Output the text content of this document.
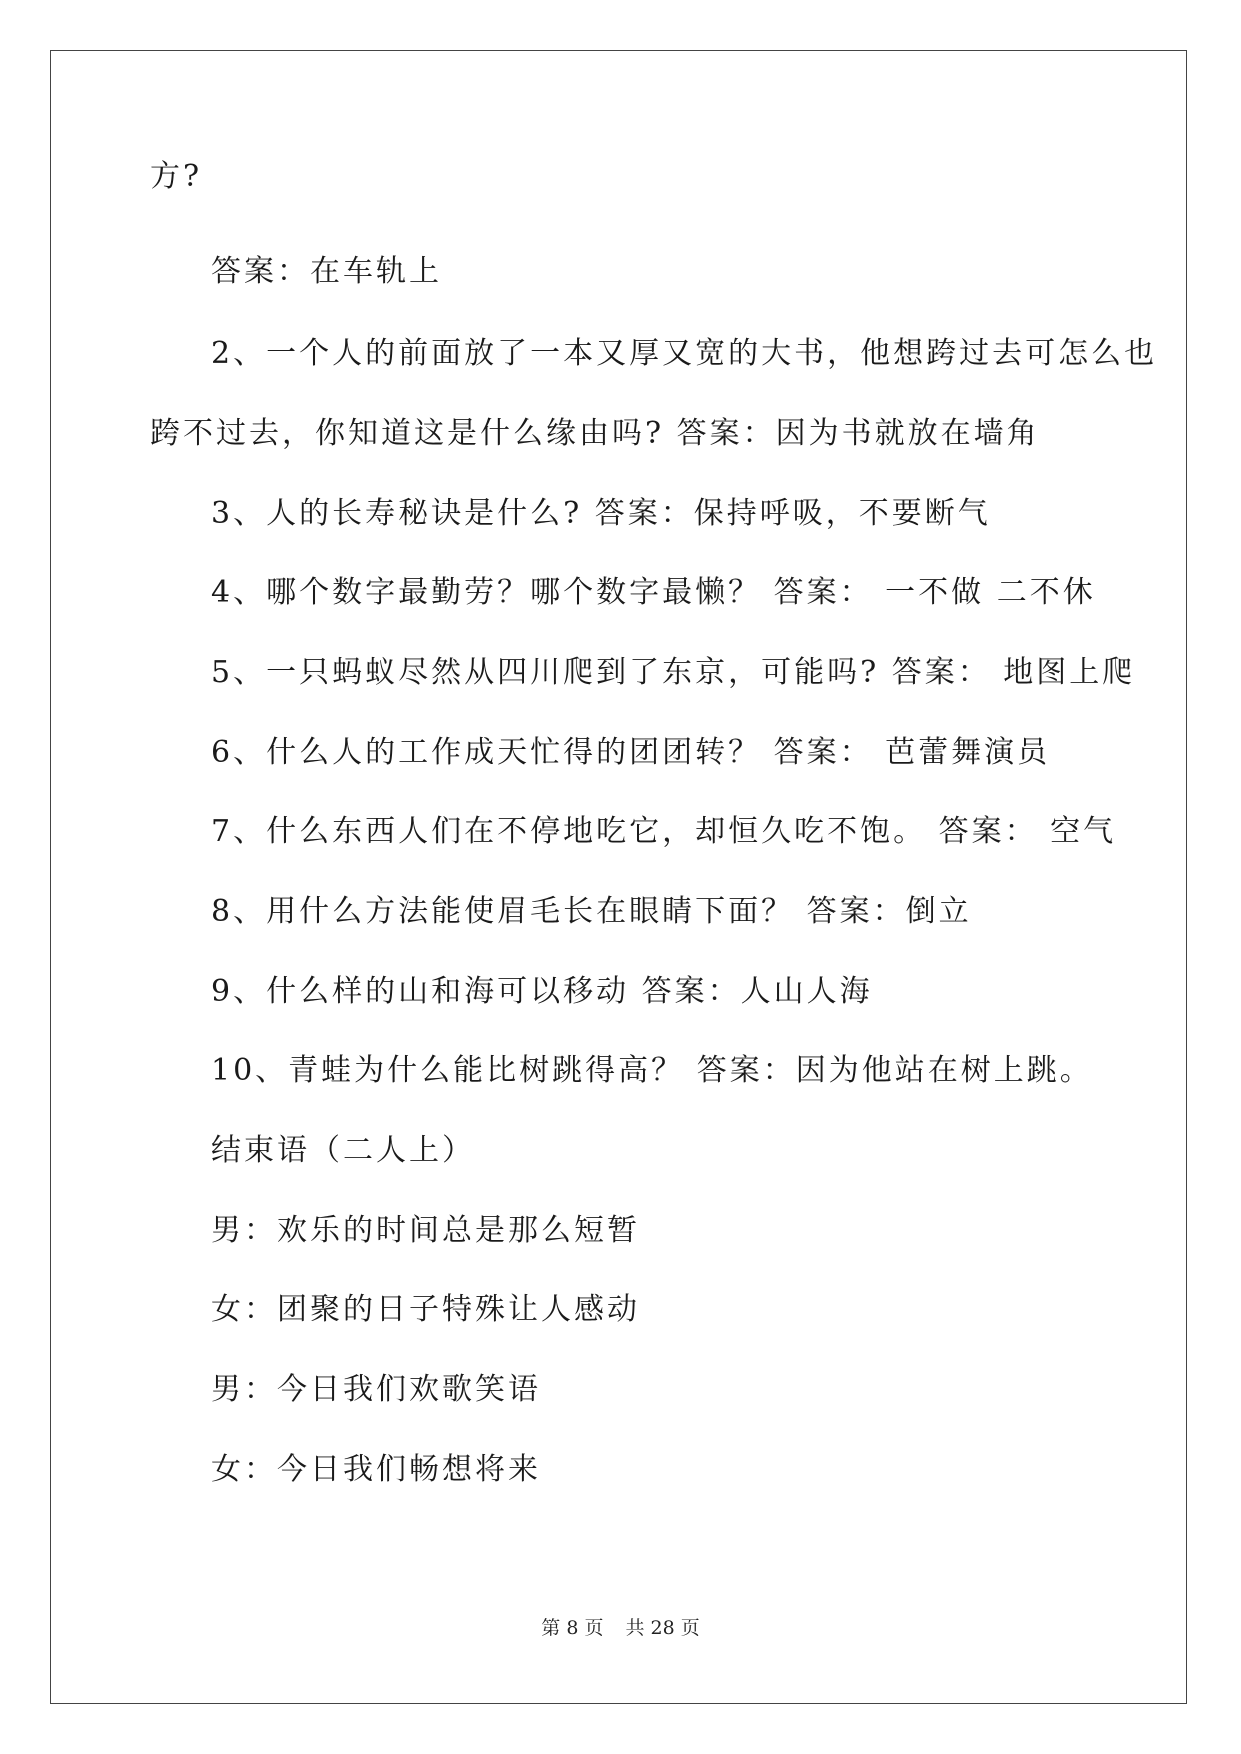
方?
答案：在车轨上
2、一个人的前面放了一本又厚又宽的大书，他想跨过去可怎么也
跨不过去，你知道这是什么缘由吗? 答案：因为书就放在墙角
3、人的长寿秘诀是什么? 答案：保持呼吸，不要断气
4、哪个数字最勤劳？哪个数字最懒？ 答案： 一不做 二不休
5、一只蚂蚁尽然从四川爬到了东京，可能吗? 答案： 地图上爬
6、什么人的工作成天忙得的团团转？ 答案： 芭蕾舞演员
7、什么东西人们在不停地吃它，却恒久吃不饱。 答案： 空气
8、用什么方法能使眉毛长在眼睛下面？ 答案：倒立
9、什么样的山和海可以移动 答案：人山人海
10、青蛙为什么能比树跳得高？ 答案：因为他站在树上跳。
结束语（二人上）
男：欢乐的时间总是那么短暂
女：团聚的日子特殊让人感动
男：今日我们欢歌笑语
女：今日我们畅想将来
第 8 页 共 28 页
